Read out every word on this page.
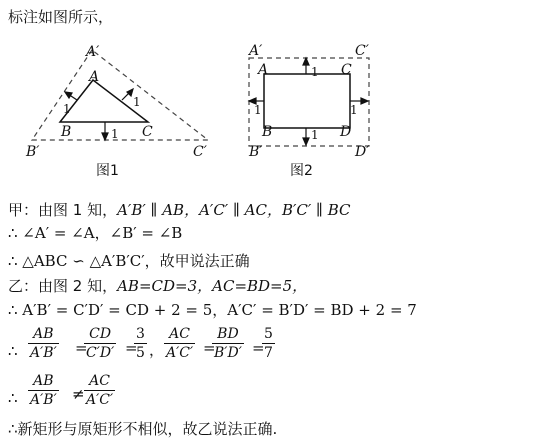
标注如图所示，
A′
A
B	C
B′	C′
1	1
1
图1
A′	C′
A	C
B	D
B′	D′
1
1	1
1
图2
甲：由图 1 知，A′B′ ∥ AB，A′C′ ∥ AC，B′C′ ∥ BC
∴ ∠A′ = ∠A，∠B′ = ∠B
∴ △ABC ∽ △A′B′C′，故甲说法正确
乙：由图 2 知，AB=CD=3，AC=BD=5，
∴ A′B′ = C′D′ = CD + 2 = 5，A′C′ = B′D′ = BD + 2 = 7
∴ $\frac{AB}{A'B'}$ =
$\frac{CD}{C'D'}$ =
$\frac{3}{5}$ ， $\frac{AC}{A'C'}$ =
$\frac{BD}{B'D'}$ =
$\frac{5}{7}$
∴ $\frac{AB}{A'B'} \ne \frac{AC}{A'C'}$
∴新矩形与原矩形不相似，故乙说法正确.
